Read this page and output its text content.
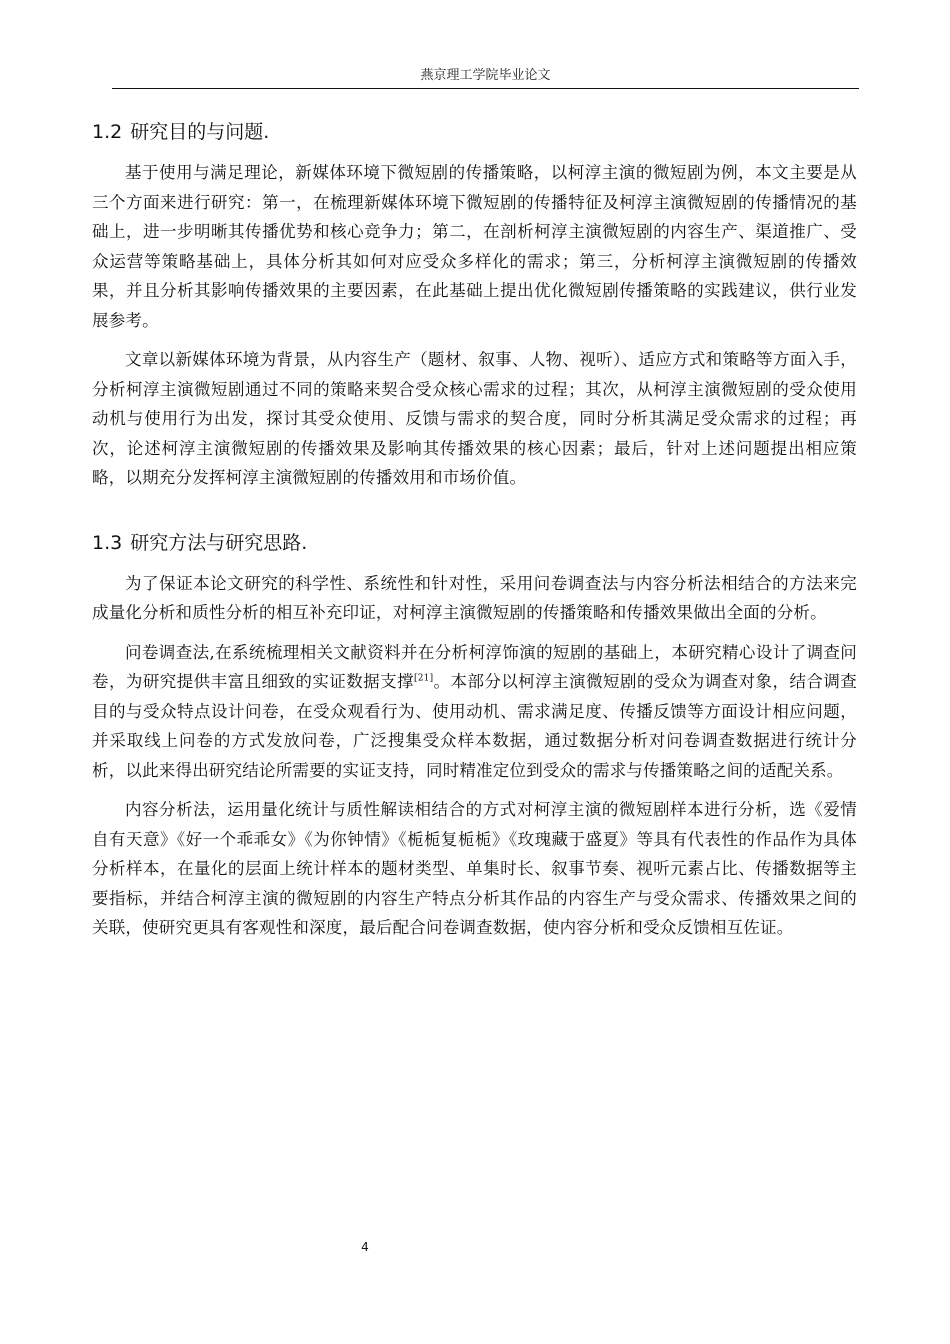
燕京理工学院毕业论文
1.2 研究目的与问题.

基于使用与满足理论，新媒体环境下微短剧的传播策略，以柯淳主演的微短剧为例，本文主要是从三个方面来进行研究：第一，在梳理新媒体环境下微短剧的传播特征及柯淳主演微短剧的传播情况的基础上，进一步明晰其传播优势和核心竞争力；第二，在剖析柯淳主演微短剧的内容生产、渠道推广、受众运营等策略基础上，具体分析其如何对应受众多样化的需求；第三，分析柯淳主演微短剧的传播效果，并且分析其影响传播效果的主要因素，在此基础上提出优化微短剧传播策略的实践建议，供行业发展参考。

文章以新媒体环境为背景，从内容生产（题材、叙事、人物、视听）、适应方式和策略等方面入手，分析柯淳主演微短剧通过不同的策略来契合受众核心需求的过程；其次，从柯淳主演微短剧的受众使用动机与使用行为出发，探讨其受众使用、反馈与需求的契合度，同时分析其满足受众需求的过程；再次，论述柯淳主演微短剧的传播效果及影响其传播效果的核心因素；最后，针对上述问题提出相应策略，以期充分发挥柯淳主演微短剧的传播效用和市场价值。

1.3 研究方法与研究思路.

为了保证本论文研究的科学性、系统性和针对性，采用问卷调查法与内容分析法相结合的方法来完成量化分析和质性分析的相互补充印证，对柯淳主演微短剧的传播策略和传播效果做出全面的分析。

问卷调查法,在系统梳理相关文献资料并在分析柯淳饰演的短剧的基础上，本研究精心设计了调查问卷，为研究提供丰富且细致的实证数据支撑[21]。本部分以柯淳主演微短剧的受众为调查对象，结合调查目的与受众特点设计问卷，在受众观看行为、使用动机、需求满足度、传播反馈等方面设计相应问题，并采取线上问卷的方式发放问卷，广泛搜集受众样本数据，通过数据分析对问卷调查数据进行统计分析，以此来得出研究结论所需要的实证支持，同时精准定位到受众的需求与传播策略之间的适配关系。

内容分析法，运用量化统计与质性解读相结合的方式对柯淳主演的微短剧样本进行分析，选《爱情自有天意》《好一个乖乖女》《为你钟情》《栀栀复栀栀》《玫瑰藏于盛夏》等具有代表性的作品作为具体分析样本，在量化的层面上统计样本的题材类型、单集时长、叙事节奏、视听元素占比、传播数据等主要指标，并结合柯淳主演的微短剧的内容生产特点分析其作品的内容生产与受众需求、传播效果之间的关联，使研究更具有客观性和深度，最后配合问卷调查数据，使内容分析和受众反馈相互佐证。

4
